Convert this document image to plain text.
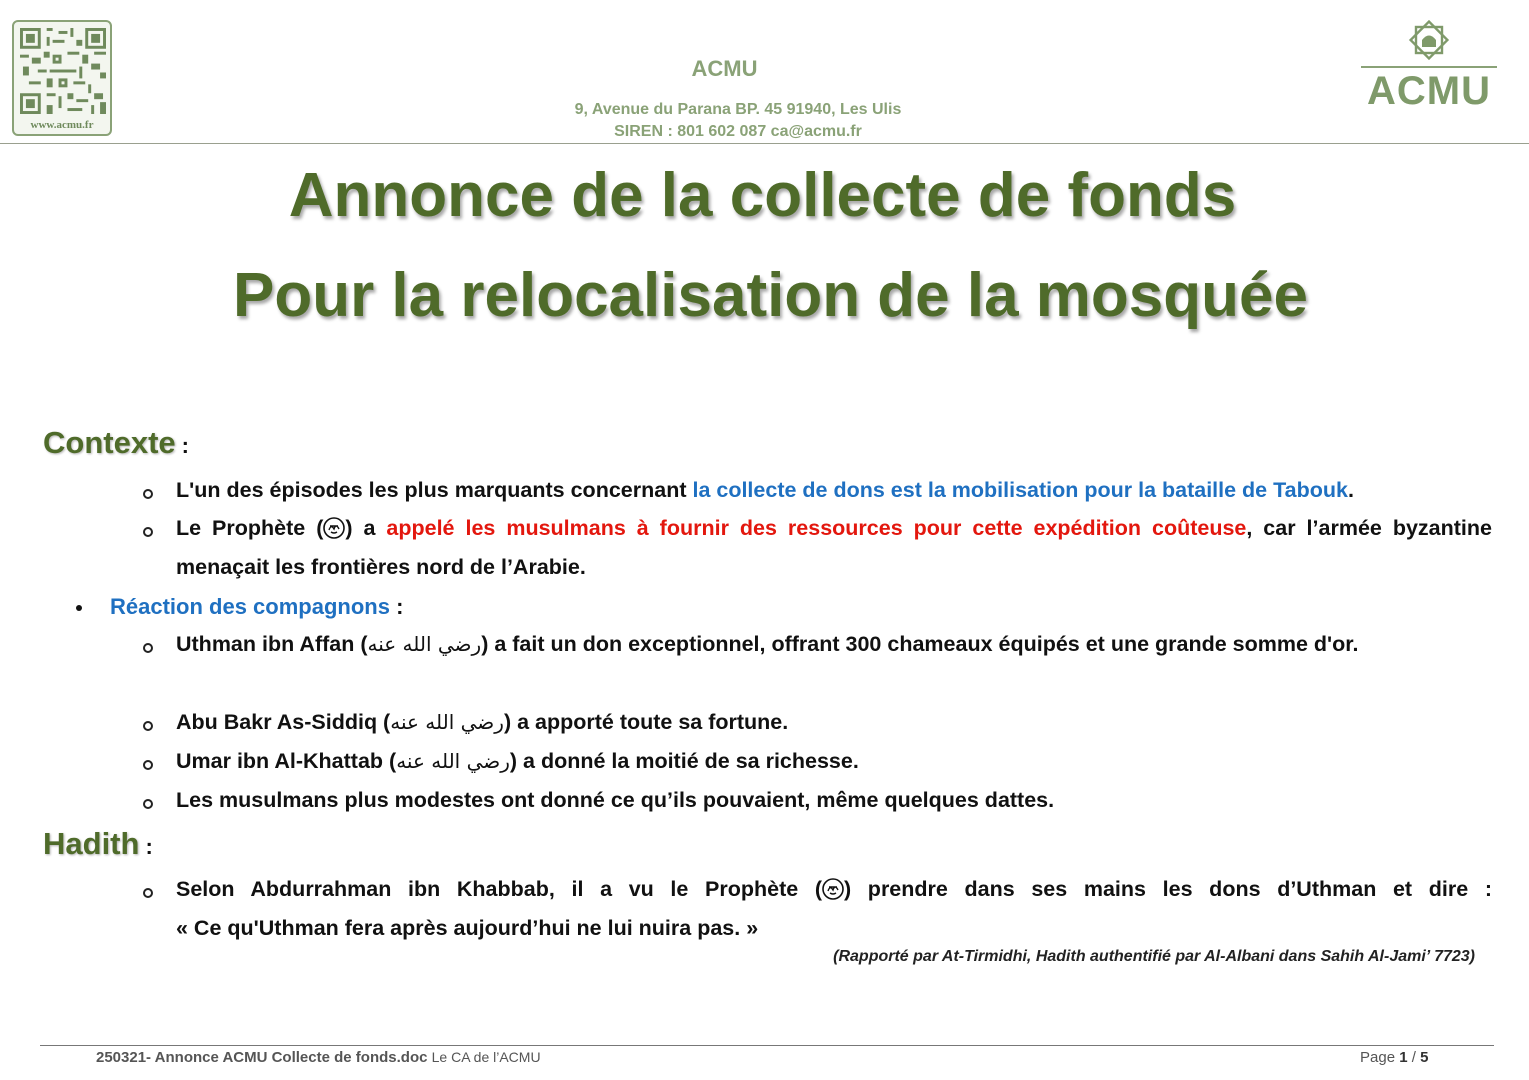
www.acmu.fr
ACMU
9, Avenue du Parana BP. 45 91940, Les Ulis
SIREN : 801 602 087 ca@acmu.fr
ACMU
Annonce de la collecte de fonds
Pour la relocalisation de la mosquée
Contexte :
L'un des épisodes les plus marquants concernant la collecte de dons est la mobilisation pour la bataille de Tabouk.
Le Prophète ( ) a appelé les musulmans à fournir des ressources pour cette expédition coûteuse, car l’armée byzantine menaçait les frontières nord de l’Arabie.
Réaction des compagnons :
Uthman ibn Affan (رضي الله عنه) a fait un don exceptionnel, offrant 300 chameaux équipés et une grande somme d'or.
Abu Bakr As-Siddiq (رضي الله عنه) a apporté toute sa fortune.
Umar ibn Al-Khattab (رضي الله عنه) a donné la moitié de sa richesse.
Les musulmans plus modestes ont donné ce qu’ils pouvaient, même quelques dattes.
Hadith :
Selon Abdurrahman ibn Khabbab, il a vu le Prophète ( ) prendre dans ses mains les dons d’Uthman et dire :
« Ce qu'Uthman fera après aujourd’hui ne lui nuira pas. »
(Rapporté par At-Tirmidhi, Hadith authentifié par Al-Albani dans Sahih Al-Jami’ 7723)
250321- Annonce ACMU Collecte de fonds.doc Le CA de l’ACMU	Page 1 / 5
